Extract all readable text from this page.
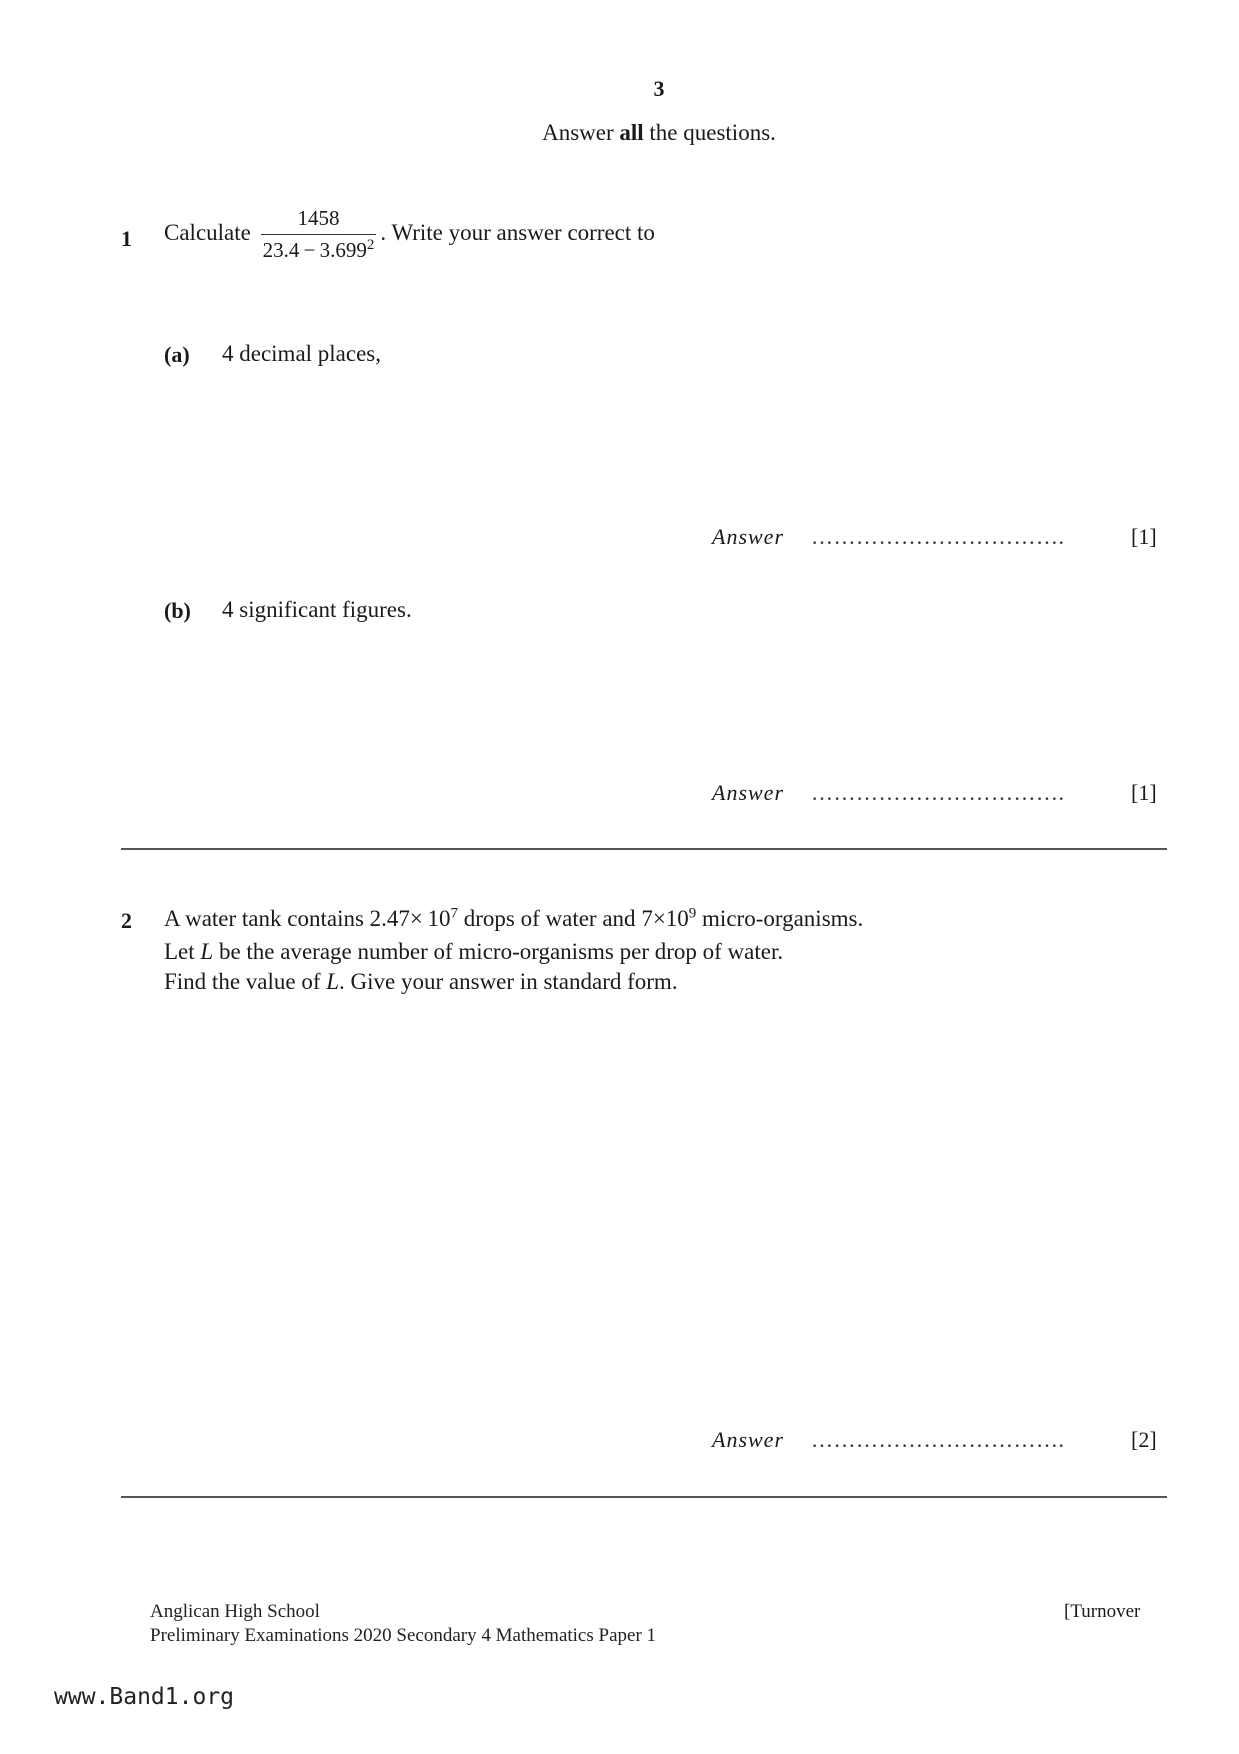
3
Answer all the questions.
1 Calculate $\frac{1458}{23.4 - 3.699^2}$ . Write your answer correct to
(a) 4 decimal places,
Answer …………………………….	[1]
(b) 4 significant figures.
Answer …………………………….	[1]
2 A water tank contains $2.47\times 10^7$ drops of water and $7\times 10^9$ micro-organisms.
Let L be the average number of micro-organisms per drop of water.
Find the value of L. Give your answer in standard form.
Answer …………………………….	[2]
Anglican High School
Preliminary Examinations 2020 Secondary 4 Mathematics Paper 1
[Turnover
www.Band1.org
